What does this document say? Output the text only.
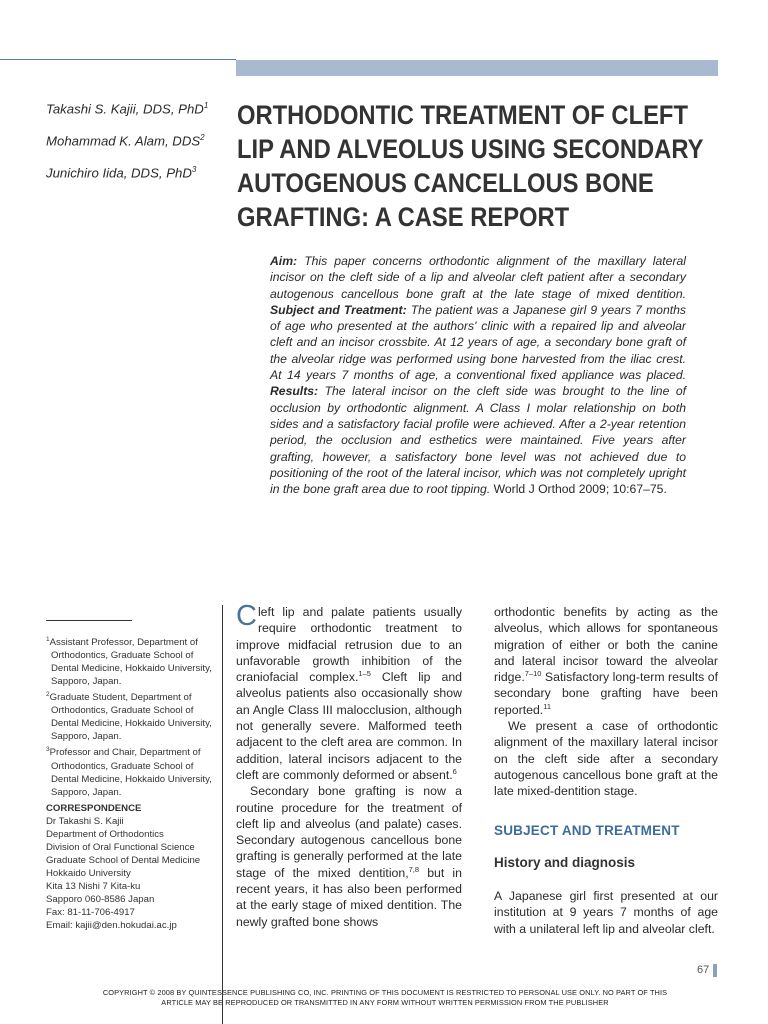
Takashi S. Kajii, DDS, PhD$^1$
Mohammad K. Alam, DDS$^2$
Junichiro Iida, DDS, PhD$^3$
ORTHODONTIC TREATMENT OF CLEFT LIP AND ALVEOLUS USING SECONDARY AUTOGENOUS CANCELLOUS BONE GRAFTING: A CASE REPORT

Aim: This paper concerns orthodontic alignment of the maxillary lateral incisor on the cleft side of a lip and alveolar cleft patient after a secondary autogenous cancellous bone graft at the late stage of mixed dentition. Subject and Treatment: The patient was a Japanese girl 9 years 7 months of age who presented at the authors' clinic with a repaired lip and alveolar cleft and an incisor crossbite. At 12 years of age, a secondary bone graft of the alveolar ridge was performed using bone harvested from the iliac crest. At 14 years 7 months of age, a conventional fixed appliance was placed. Results: The lateral incisor on the cleft side was brought to the line of occlusion by orthodontic alignment. A Class I molar relationship on both sides and a satisfactory facial profile were achieved. After a 2-year retention period, the occlusion and esthetics were maintained. Five years after grafting, however, a satisfactory bone level was not achieved due to positioning of the root of the lateral incisor, which was not completely upright in the bone graft area due to root tipping. World J Orthod 2009; 10:67–75.

$^1$Assistant Professor, Department of Orthodontics, Graduate School of Dental Medicine, Hokkaido University, Sapporo, Japan.

$^2$Graduate Student, Department of Orthodontics, Graduate School of Dental Medicine, Hokkaido University, Sapporo, Japan.

$^3$Professor and Chair, Department of Orthodontics, Graduate School of Dental Medicine, Hokkaido University, Sapporo, Japan.

CORRESPONDENCE
Dr Takashi S. Kajii
Department of Orthodontics
Division of Oral Functional Science
Graduate School of Dental Medicine
Hokkaido University
Kita 13 Nishi 7 Kita-ku
Sapporo 060-8586 Japan
Fax: 81-11-706-4917
Email: kajii@den.hokudai.ac.jp

Cleft lip and palate patients usually require orthodontic treatment to improve midfacial retrusion due to an unfavorable growth inhibition of the craniofacial complex.$^{1-5}$ Cleft lip and alveolus patients also occasionally show an Angle Class III malocclusion, although not generally severe. Malformed teeth adjacent to the cleft area are common. In addition, lateral incisors adjacent to the cleft are commonly deformed or absent.$^6$

Secondary bone grafting is now a routine procedure for the treatment of cleft lip and alveolus (and palate) cases. Secondary autogenous cancellous bone grafting is generally performed at the late stage of the mixed dentition,$^{7,8}$ but in recent years, it has also been performed at the early stage of mixed dentition. The newly grafted bone shows

orthodontic benefits by acting as the alveolus, which allows for spontaneous migration of either or both the canine and lateral incisor toward the alveolar ridge.$^{7-10}$ Satisfactory long-term results of secondary bone grafting have been reported.$^{11}$

We present a case of orthodontic alignment of the maxillary lateral incisor on the cleft side after a secondary autogenous cancellous bone graft at the late mixed-dentition stage.

SUBJECT AND TREATMENT
History and diagnosis

A Japanese girl first presented at our institution at 9 years 7 months of age with a unilateral left lip and alveolar cleft.

67
COPYRIGHT © 2008 BY QUINTESSENCE PUBLISHING CO, INC. PRINTING OF THIS DOCUMENT IS RESTRICTED TO PERSONAL USE ONLY. NO PART OF THIS ARTICLE MAY BE REPRODUCED OR TRANSMITTED IN ANY FORM WITHOUT WRITTEN PERMISSION FROM THE PUBLISHER
